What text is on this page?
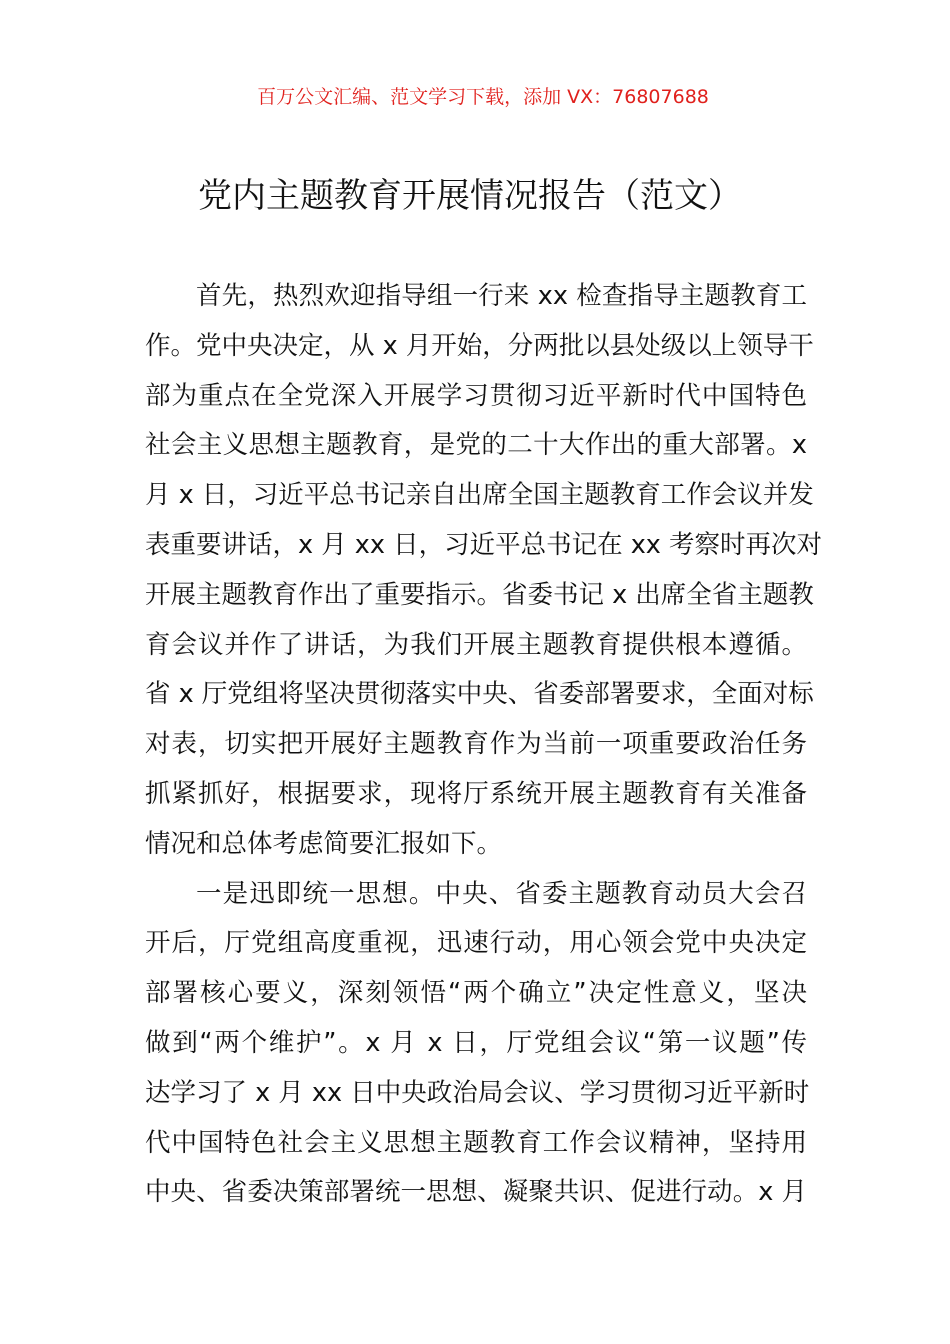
百万公文汇编、范文学习下载，添加 VX：76807688
党内主题教育开展情况报告（范文）
首先，热烈欢迎指导组一行来 xx 检查指导主题教育工
作。党中央决定，从 x 月开始，分两批以县处级以上领导干
部为重点在全党深入开展学习贯彻习近平新时代中国特色
社会主义思想主题教育，是党的二十大作出的重大部署。x
月 x 日，习近平总书记亲自出席全国主题教育工作会议并发
表重要讲话，x 月 xx 日，习近平总书记在 xx 考察时再次对
开展主题教育作出了重要指示。省委书记 x 出席全省主题教
育会议并作了讲话，为我们开展主题教育提供根本遵循。
省 x 厅党组将坚决贯彻落实中央、省委部署要求，全面对标
对表，切实把开展好主题教育作为当前一项重要政治任务
抓紧抓好，根据要求，现将厅系统开展主题教育有关准备
情况和总体考虑简要汇报如下。
一是迅即统一思想。中央、省委主题教育动员大会召
开后，厅党组高度重视，迅速行动，用心领会党中央决定
部署核心要义，深刻领悟“两个确立”决定性意义，坚决
做到“两个维护”。x 月 x 日，厅党组会议“第一议题”传
达学习了 x 月 xx 日中央政治局会议、学习贯彻习近平新时
代中国特色社会主义思想主题教育工作会议精神，坚持用
中央、省委决策部署统一思想、凝聚共识、促进行动。x 月
